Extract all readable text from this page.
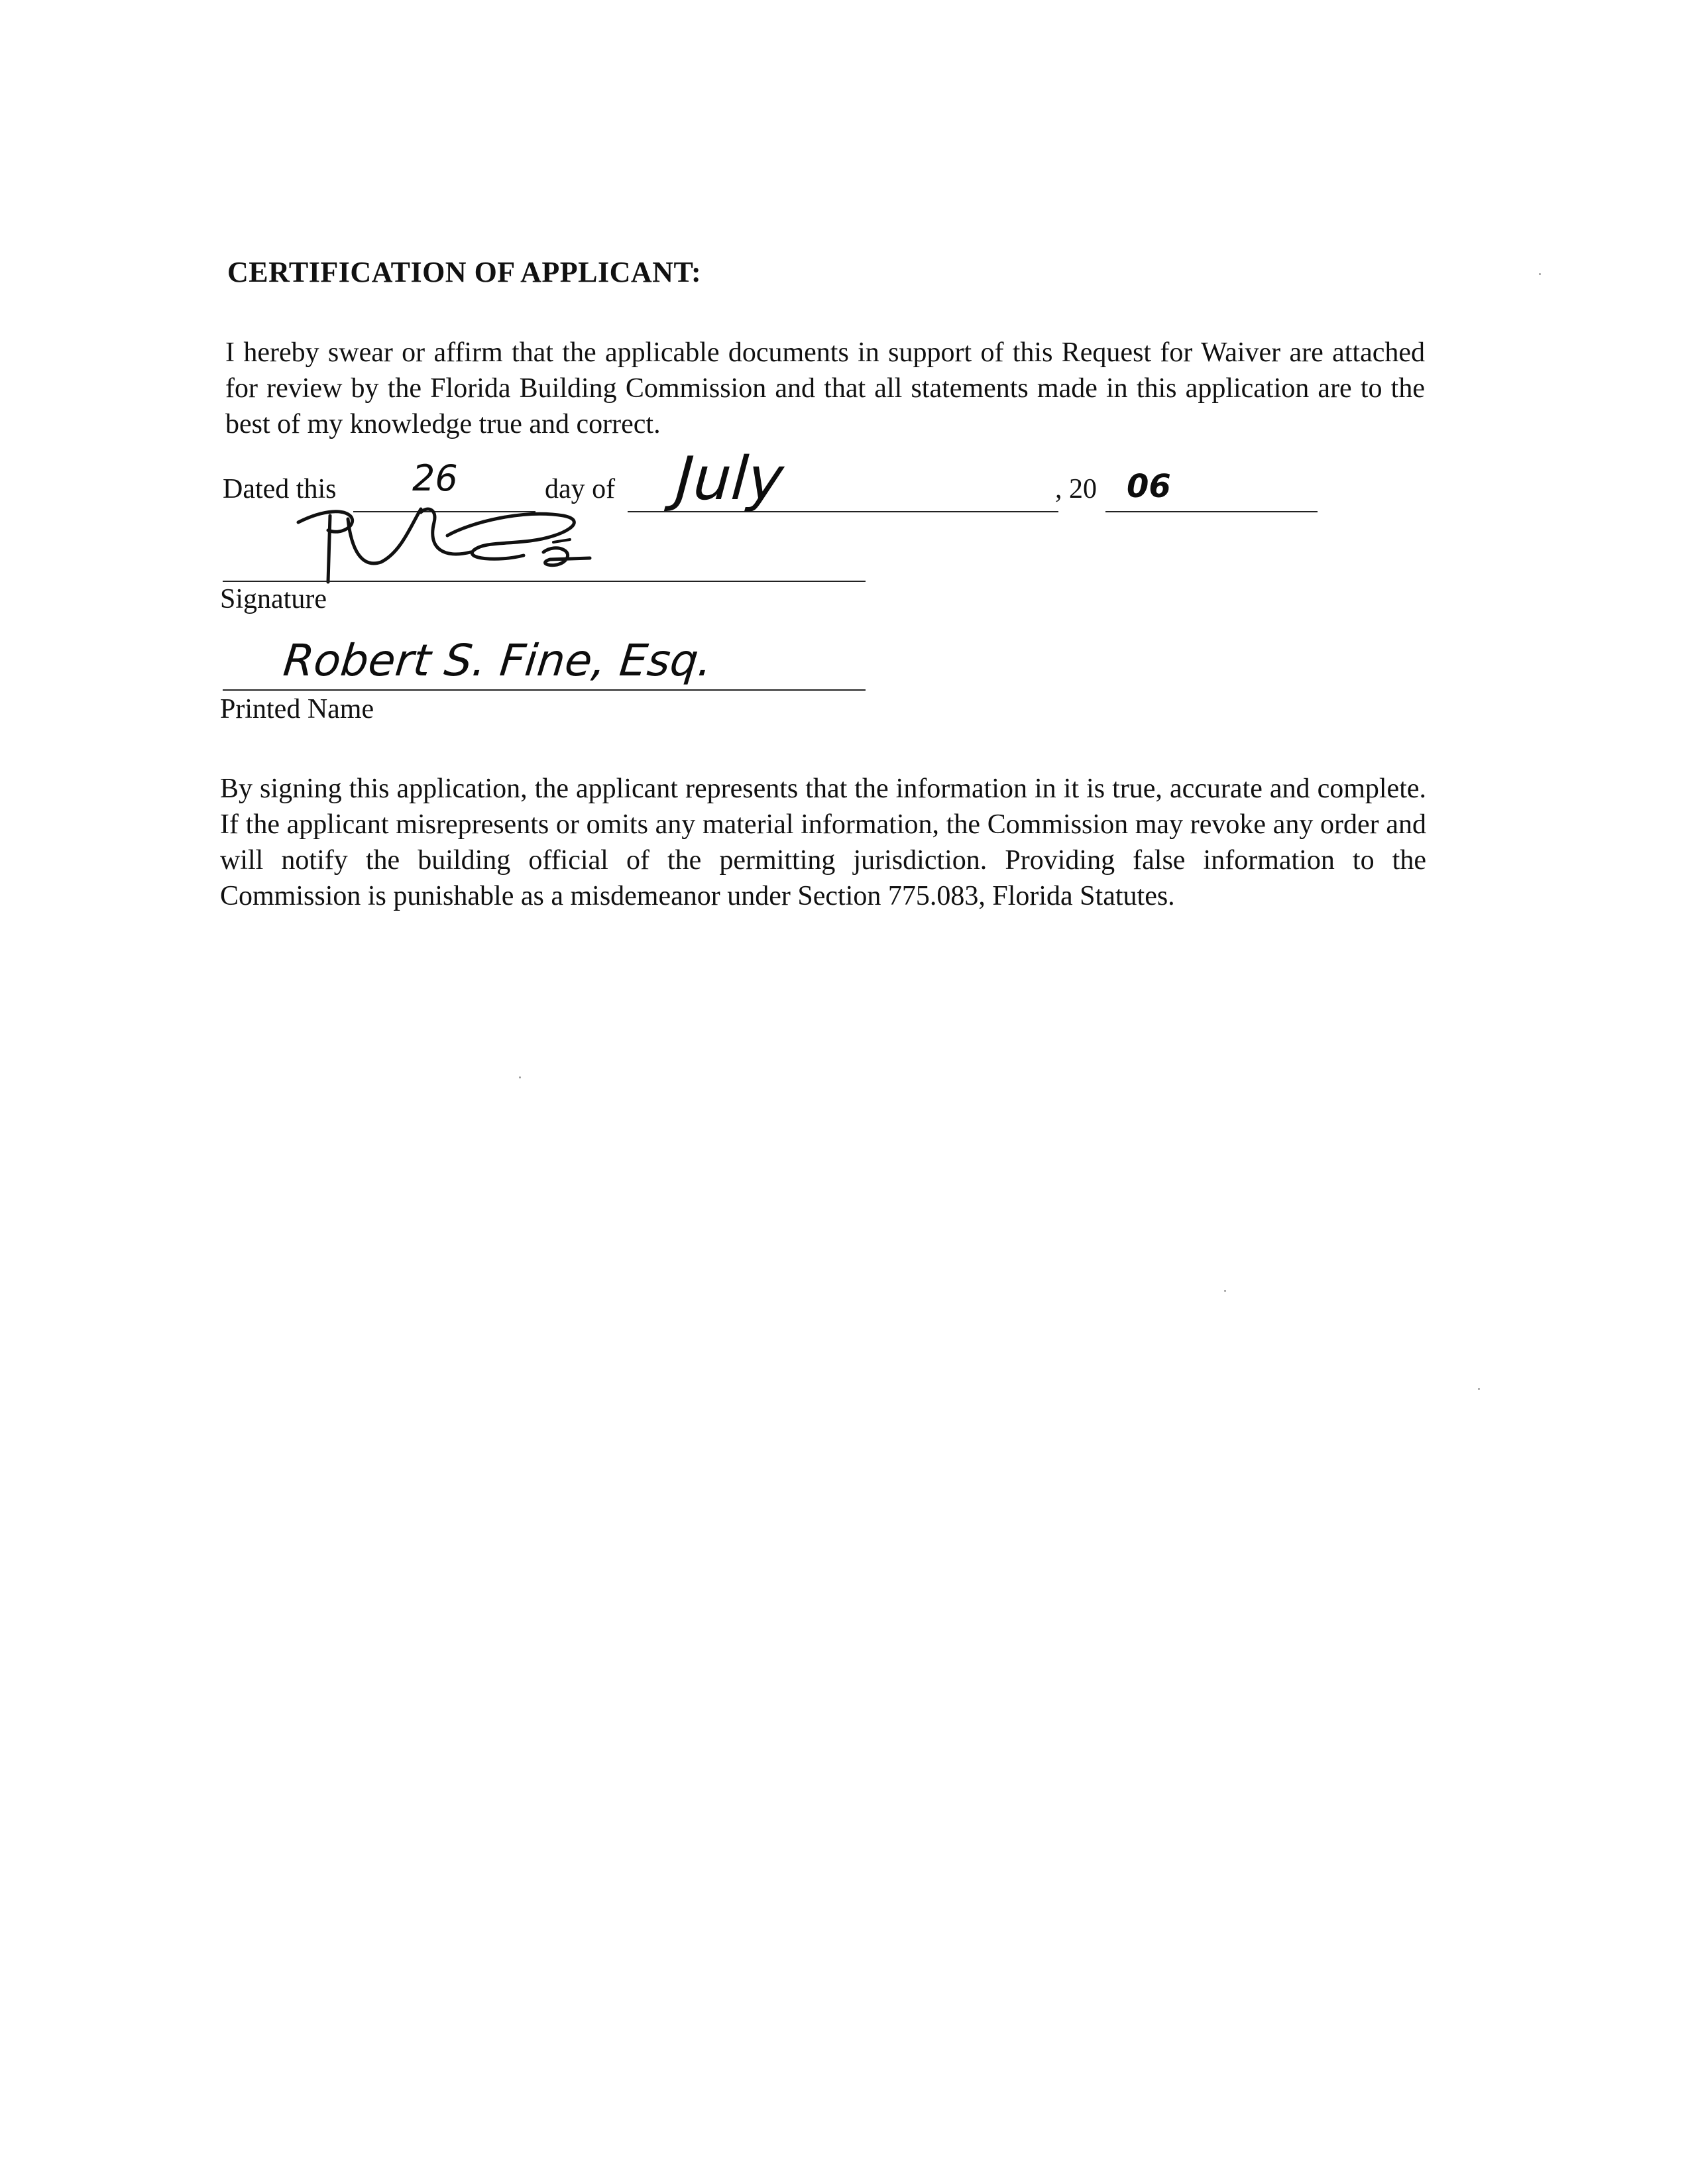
CERTIFICATION OF APPLICANT:
I hereby swear or affirm that the applicable documents in support of this Request for Waiver are attached for review by the Florida Building Commission and that all statements made in this application are to the best of my knowledge true and correct.
Dated this 26	day of July	, 20 06
Signature
Robert S. Fine, Esq.
Printed Name
By signing this application, the applicant represents that the information in it is true, accurate and complete. If the applicant misrepresents or omits any material information, the Commission may revoke any order and will notify the building official of the permitting jurisdiction. Providing false information to the Commission is punishable as a misdemeanor under Section 775.083, Florida Statutes.
